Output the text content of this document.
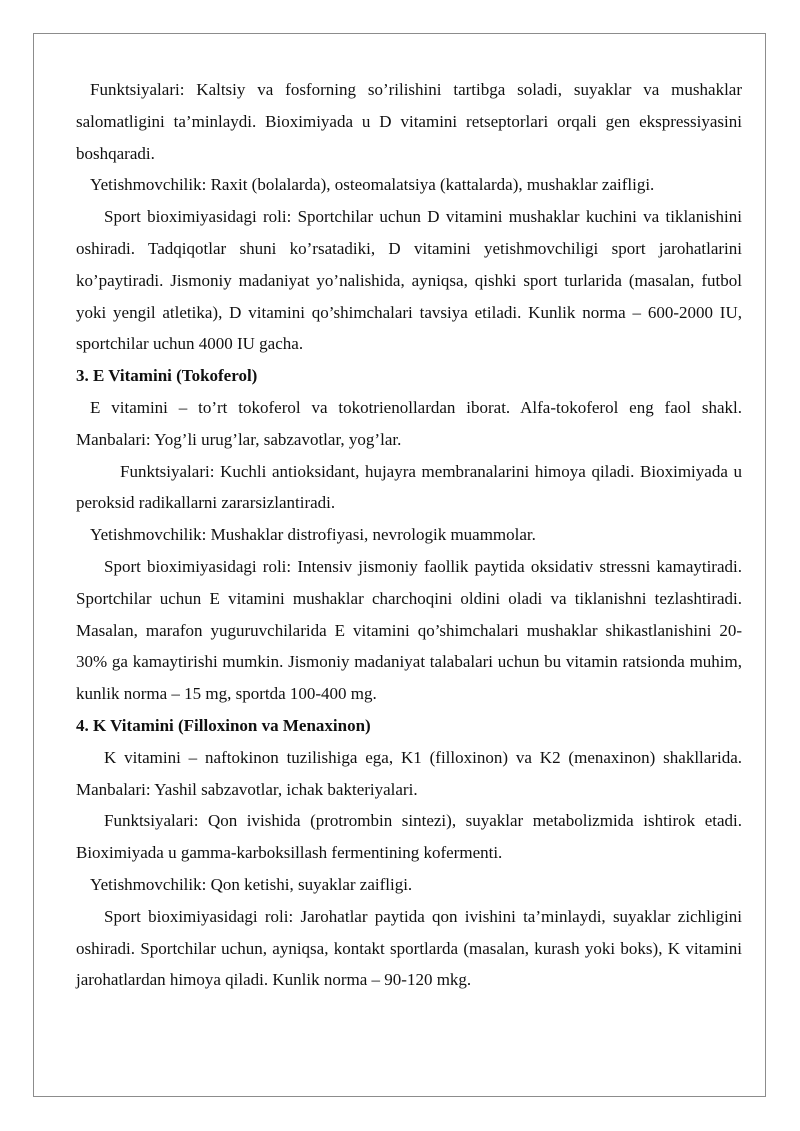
Funktsiyalari: Kaltsiy va fosforning so’rilishini tartibga soladi, suyaklar va mushaklar salomatligini ta’minlaydi. Bioximiyada u D vitamini retseptorlari orqali gen ekspressiyasini boshqaradi.

Yetishmovchilik: Raxit (bolalarda), osteomalatsiya (kattalarda), mushaklar zaifligi.

Sport bioximiyasidagi roli: Sportchilar uchun D vitamini mushaklar kuchini va tiklanishini oshiradi. Tadqiqotlar shuni ko’rsatadiki, D vitamini yetishmovchiligi sport jarohatlarini ko’paytiradi. Jismoniy madaniyat yo’nalishida, ayniqsa, qishki sport turlarida (masalan, futbol yoki yengil atletika), D vitamini qo’shimchalari tavsiya etiladi. Kunlik norma – 600-2000 IU, sportchilar uchun 4000 IU gacha.

3. E Vitamini (Tokoferol)

E vitamini – to’rt tokoferol va tokotrienollardan iborat. Alfa-tokoferol eng faol shakl. Manbalari: Yog’li urug’lar, sabzavotlar, yog’lar.

Funktsiyalari: Kuchli antioksidant, hujayra membranalarini himoya qiladi. Bioximiyada u peroksid radikallarni zararsizlantiradi.

Yetishmovchilik: Mushaklar distrofiyasi, nevrologik muammolar.

Sport bioximiyasidagi roli: Intensiv jismoniy faollik paytida oksidativ stressni kamaytiradi. Sportchilar uchun E vitamini mushaklar charchoqini oldini oladi va tiklanishni tezlashtiradi. Masalan, marafon yuguruvchilarida E vitamini qo’shimchalari mushaklar shikastlanishini 20-30% ga kamaytirishi mumkin. Jismoniy madaniyat talabalari uchun bu vitamin ratsionda muhim, kunlik norma – 15 mg, sportda 100-400 mg.

4. K Vitamini (Filloxinon va Menaxinon)

K vitamini – naftokinon tuzilishiga ega, K1 (filloxinon) va K2 (menaxinon) shakllarida. Manbalari: Yashil sabzavotlar, ichak bakteriyalari.

Funktsiyalari: Qon ivishida (protrombin sintezi), suyaklar metabolizmida ishtirok etadi. Bioximiyada u gamma-karboksillash fermentining kofermenti.

Yetishmovchilik: Qon ketishi, suyaklar zaifligi.

Sport bioximiyasidagi roli: Jarohatlar paytida qon ivishini ta’minlaydi, suyaklar zichligini oshiradi. Sportchilar uchun, ayniqsa, kontakt sportlarda (masalan, kurash yoki boks), K vitamini jarohatlardan himoya qiladi. Kunlik norma – 90-120 mkg.
